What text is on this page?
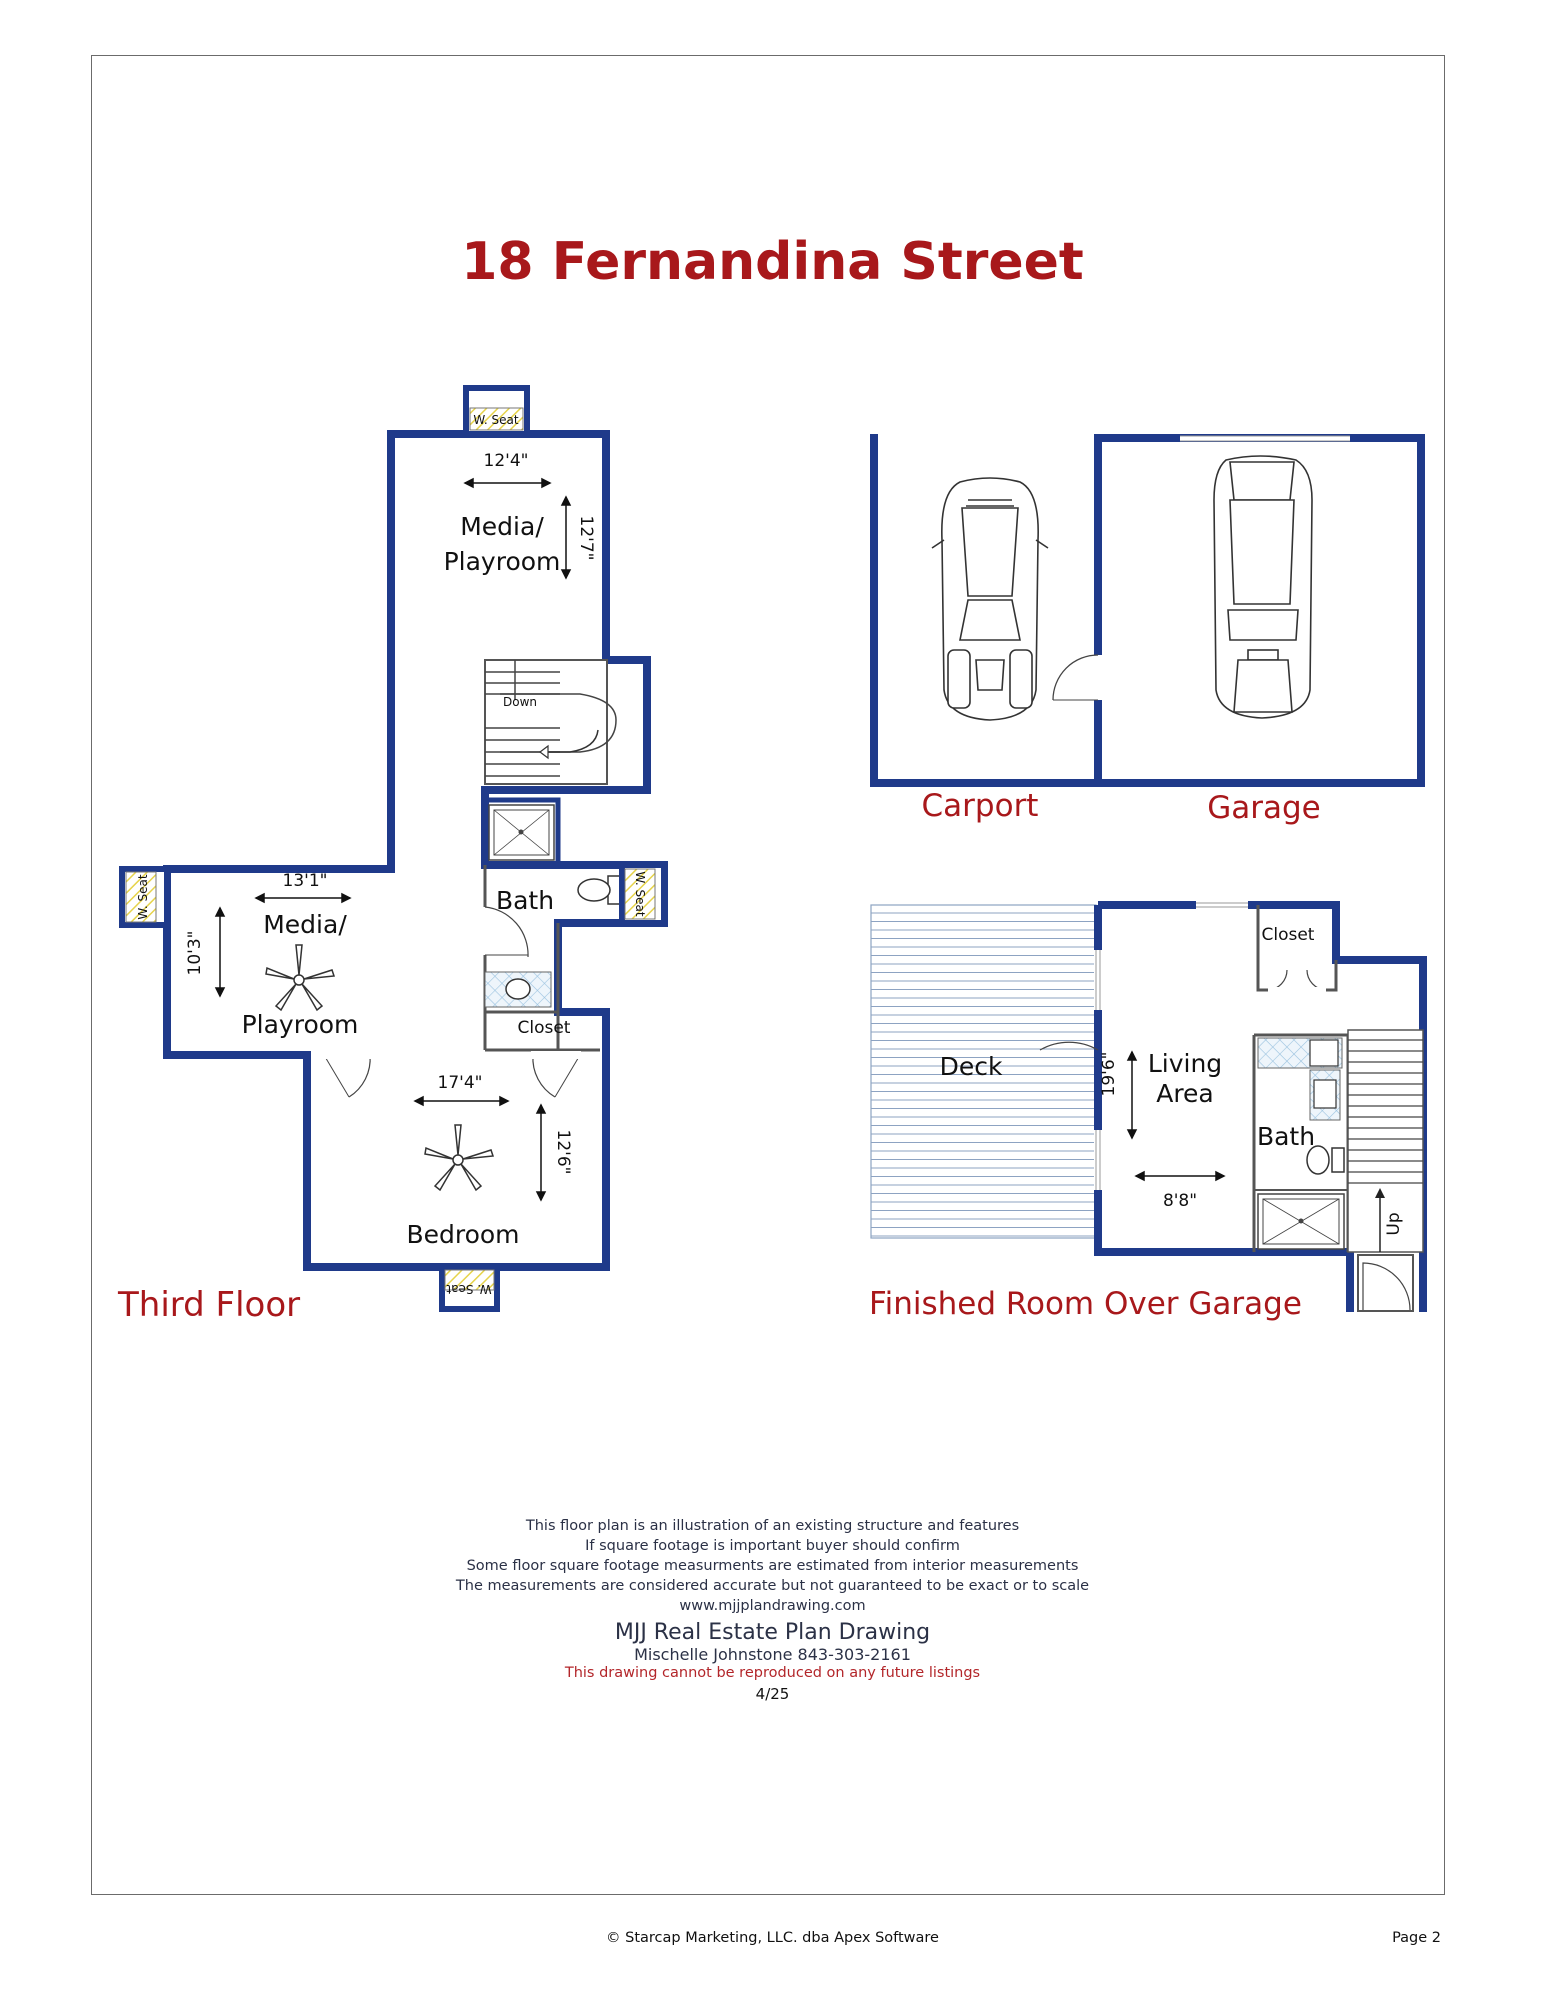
18 Fernandina Street
Down
W. Seat
W. Seat	W. Seat
W. Seat
12'4"
12'7"
Media/
Playroom
13'1"
10'3"
Media/
Playroom
Bath
Closet
17'4"
12'6"
Bedroom
Third Floor
Carport	Garage
Up
Deck
Closet
Living
Area
19'6"
8'8"
Bath
Finished Room Over Garage
This floor plan is an illustration of an existing structure and features
If square footage is important buyer should confirm
Some floor square footage measurments are estimated from interior measurements
The measurements are considered accurate but not guaranteed to be exact or to scale
www.mjjplandrawing.com
MJJ Real Estate Plan Drawing
Mischelle Johnstone 843-303-2161
This drawing cannot be reproduced on any future listings
4/25
© Starcap Marketing, LLC. dba Apex Software	Page 2
